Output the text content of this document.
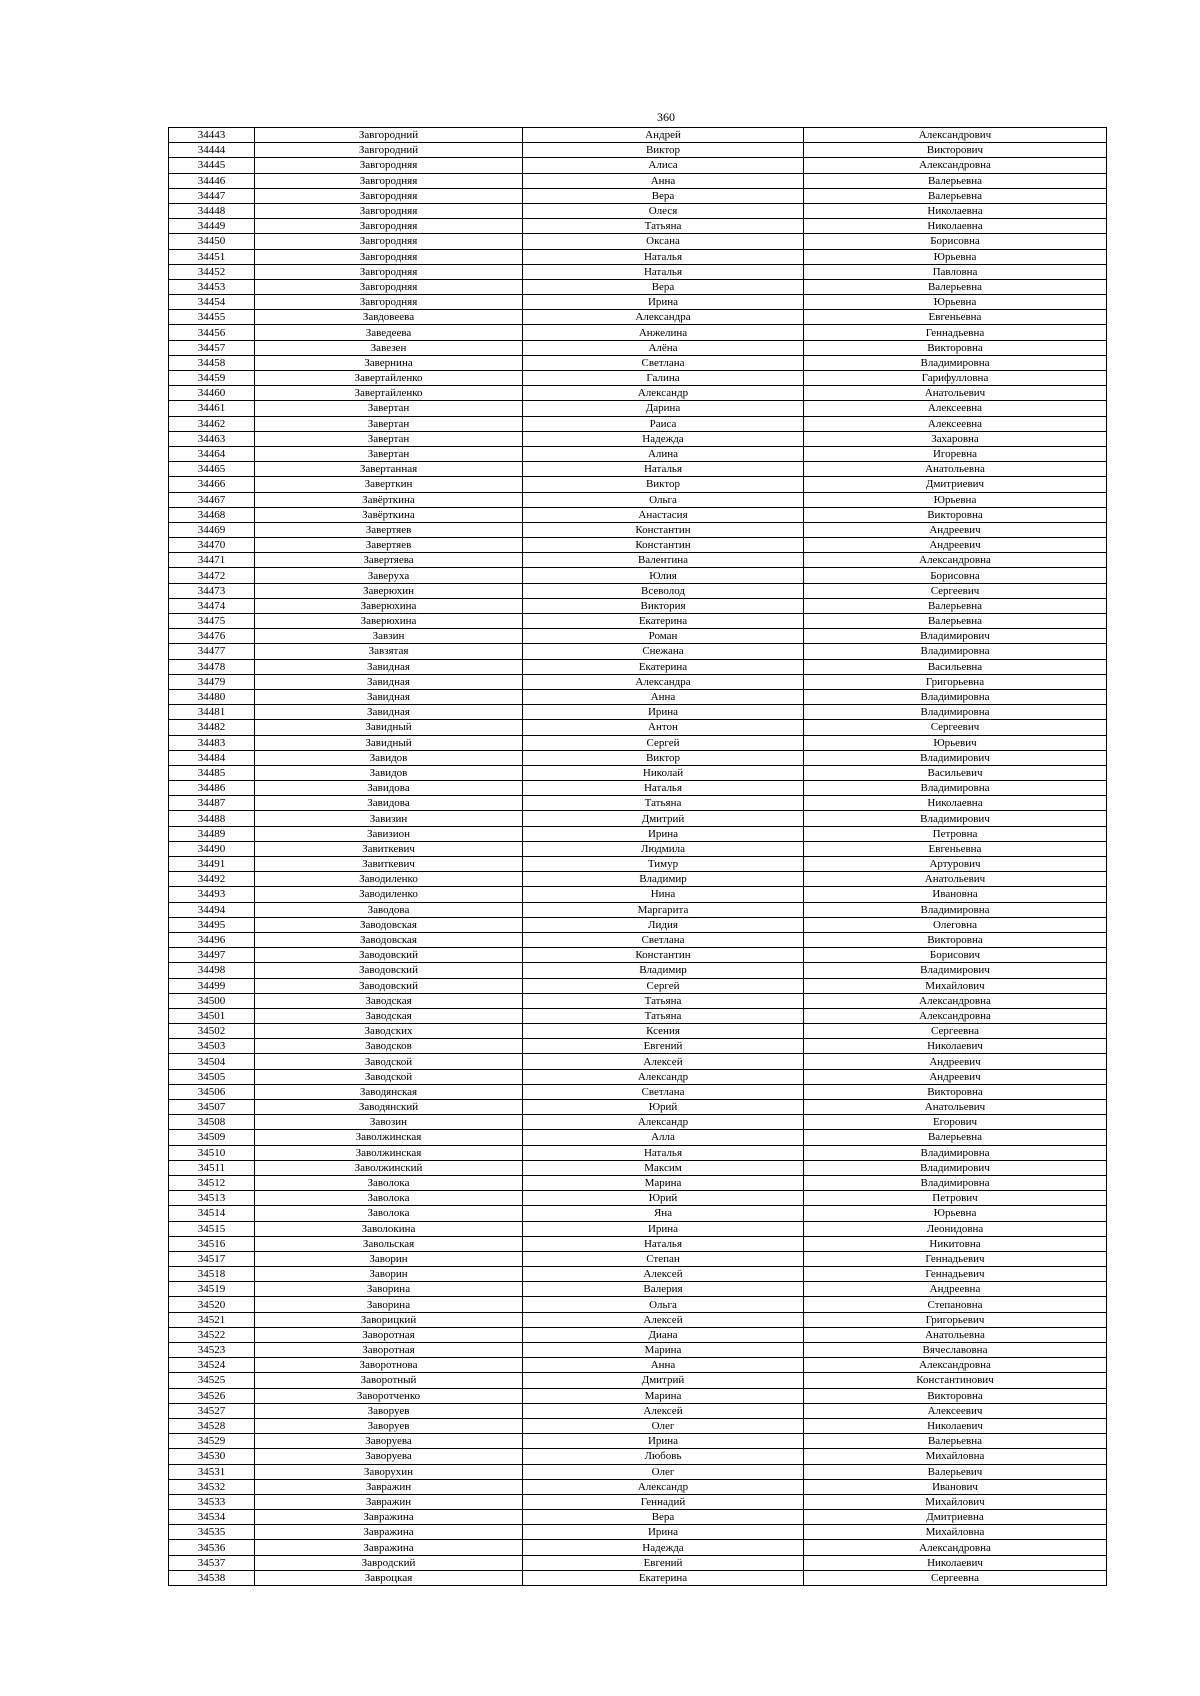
360
34443	Завгородний	Андрей	Александрович
34444	Завгородний	Виктор	Викторович
34445	Завгородняя	Алиса	Александровна
34446	Завгородняя	Анна	Валерьевна
34447	Завгородняя	Вера	Валерьевна
34448	Завгородняя	Олеся	Николаевна
34449	Завгородняя	Татьяна	Николаевна
34450	Завгородняя	Оксана	Борисовна
34451	Завгородняя	Наталья	Юрьевна
34452	Завгородняя	Наталья	Павловна
34453	Завгородняя	Вера	Валерьевна
34454	Завгородняя	Ирина	Юрьевна
34455	Завдовеева	Александра	Евгеньевна
34456	Заведеева	Анжелина	Геннадьевна
34457	Завезен	Алёна	Викторовна
34458	Завернина	Светлана	Владимировна
34459	Завертайленко	Галина	Гарифулловна
34460	Завертайленко	Александр	Анатольевич
34461	Завертан	Дарина	Алексеевна
34462	Завертан	Раиса	Алексеевна
34463	Завертан	Надежда	Захаровна
34464	Завертан	Алина	Игоревна
34465	Завертанная	Наталья	Анатольевна
34466	Заверткин	Виктор	Дмитриевич
34467	Завёрткина	Ольга	Юрьевна
34468	Завёрткина	Анастасия	Викторовна
34469	Завертяев	Константин	Андреевич
34470	Завертяев	Константин	Андреевич
34471	Завертяева	Валентина	Александровна
34472	Заверуха	Юлия	Борисовна
34473	Заверюхин	Всеволод	Сергеевич
34474	Заверюхина	Виктория	Валерьевна
34475	Заверюхина	Екатерина	Валерьевна
34476	Завзин	Роман	Владимирович
34477	Завзятая	Снежана	Владимировна
34478	Завидная	Екатерина	Васильевна
34479	Завидная	Александра	Григорьевна
34480	Завидная	Анна	Владимировна
34481	Завидная	Ирина	Владимировна
34482	Завидный	Антон	Сергеевич
34483	Завидный	Сергей	Юрьевич
34484	Завидов	Виктор	Владимирович
34485	Завидов	Николай	Васильевич
34486	Завидова	Наталья	Владимировна
34487	Завидова	Татьяна	Николаевна
34488	Завизин	Дмитрий	Владимирович
34489	Завизион	Ирина	Петровна
34490	Завиткевич	Людмила	Евгеньевна
34491	Завиткевич	Тимур	Артурович
34492	Заводиленко	Владимир	Анатольевич
34493	Заводиленко	Нина	Ивановна
34494	Заводова	Маргарита	Владимировна
34495	Заводовская	Лидия	Олеговна
34496	Заводовская	Светлана	Викторовна
34497	Заводовский	Константин	Борисович
34498	Заводовский	Владимир	Владимирович
34499	Заводовский	Сергей	Михайлович
34500	Заводская	Татьяна	Александровна
34501	Заводская	Татьяна	Александровна
34502	Заводских	Ксения	Сергеевна
34503	Заводсков	Евгений	Николаевич
34504	Заводской	Алексей	Андреевич
34505	Заводской	Александр	Андреевич
34506	Заводянская	Светлана	Викторовна
34507	Заводянский	Юрий	Анатольевич
34508	Завозин	Александр	Егорович
34509	Заволжинская	Алла	Валерьевна
34510	Заволжинская	Наталья	Владимировна
34511	Заволжинский	Максим	Владимирович
34512	Заволока	Марина	Владимировна
34513	Заволока	Юрий	Петрович
34514	Заволока	Яна	Юрьевна
34515	Заволокина	Ирина	Леонидовна
34516	Завольская	Наталья	Никитовна
34517	Заворин	Степан	Геннадьевич
34518	Заворин	Алексей	Геннадьевич
34519	Заворина	Валерия	Андреевна
34520	Заворина	Ольга	Степановна
34521	Заворицкий	Алексей	Григорьевич
34522	Заворотная	Диана	Анатольевна
34523	Заворотная	Марина	Вячеславовна
34524	Заворотнова	Анна	Александровна
34525	Заворотный	Дмитрий	Константинович
34526	Заворотченко	Марина	Викторовна
34527	Заворуев	Алексей	Алексеевич
34528	Заворуев	Олег	Николаевич
34529	Заворуева	Ирина	Валерьевна
34530	Заворуева	Любовь	Михайловна
34531	Заворухин	Олег	Валерьевич
34532	Завражин	Александр	Иванович
34533	Завражин	Геннадий	Михайлович
34534	Завражина	Вера	Дмитриевна
34535	Завражина	Ирина	Михайловна
34536	Завражина	Надежда	Александровна
34537	Завродский	Евгений	Николаевич
34538	Завроцкая	Екатерина	Сергеевна
